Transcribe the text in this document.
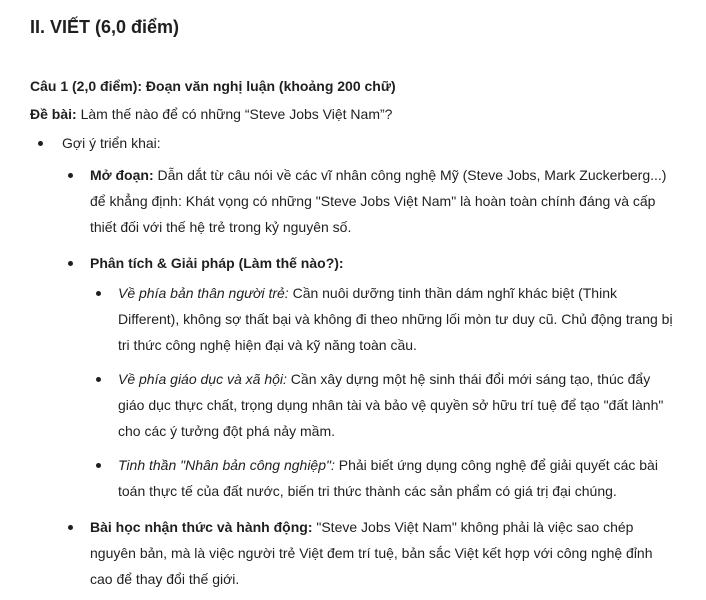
II. VIẾT (6,0 điểm)
Câu 1 (2,0 điểm): Đoạn văn nghị luận (khoảng 200 chữ)
Đề bài: Làm thế nào để có những “Steve Jobs Việt Nam”?
Gợi ý triển khai:
Mở đoạn: Dẫn dắt từ câu nói về các vĩ nhân công nghệ Mỹ (Steve Jobs, Mark Zuckerberg...) để khẳng định: Khát vọng có những "Steve Jobs Việt Nam" là hoàn toàn chính đáng và cấp thiết đối với thế hệ trẻ trong kỷ nguyên số.
Phân tích & Giải pháp (Làm thế nào?):
Về phía bản thân người trẻ: Cần nuôi dưỡng tinh thần dám nghĩ khác biệt (Think Different), không sợ thất bại và không đi theo những lối mòn tư duy cũ. Chủ động trang bị tri thức công nghệ hiện đại và kỹ năng toàn cầu.
Về phía giáo dục và xã hội: Cần xây dựng một hệ sinh thái đổi mới sáng tạo, thúc đẩy giáo dục thực chất, trọng dụng nhân tài và bảo vệ quyền sở hữu trí tuệ để tạo "đất lành" cho các ý tưởng đột phá nảy mầm.
Tinh thần "Nhân bản công nghiệp": Phải biết ứng dụng công nghệ để giải quyết các bài toán thực tế của đất nước, biến tri thức thành các sản phẩm có giá trị đại chúng.
Bài học nhận thức và hành động: "Steve Jobs Việt Nam" không phải là việc sao chép nguyên bản, mà là việc người trẻ Việt đem trí tuệ, bản sắc Việt kết hợp với công nghệ đỉnh cao để thay đổi thế giới.
